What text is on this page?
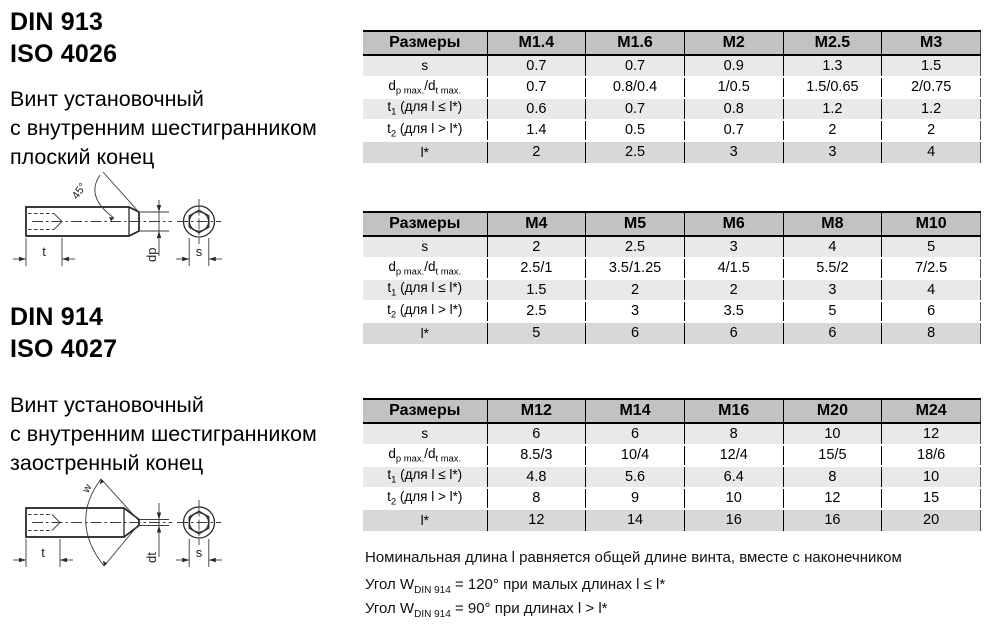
DIN 913
ISO 4026
Винт установочный
с внутренним шестигранником
плоский конец
45°
dp
t	s
DIN 914
ISO 4027
Винт установочный
с внутренним шестигранником
заостренный конец
w
dt
t	s
Размеры	M1.4	M1.6	M2	M2.5	M3
s	0.7	0.7	0.9	1.3	1.5
$d_{p max.}/d_{t max.}$	0.7	0.8/0.4	1/0.5	1.5/0.65	2/0.75
$t_1$ (для l ≤ l*)	0.6	0.7	0.8	1.2	1.2
$t_2$ (для l > l*)	1.4	0.5	0.7	2	2
l*	2	2.5	3	3	4
Размеры	M4	M5	M6	M8	M10
s	2	2.5	3	4	5
$d_{p max.}/d_{t max.}$	2.5/1	3.5/1.25	4/1.5	5.5/2	7/2.5
$t_1$ (для l ≤ l*)	1.5	2	2	3	4
$t_2$ (для l > l*)	2.5	3	3.5	5	6
l*	5	6	6	6	8
Размеры	M12	M14	M16	M20	M24
s	6	6	8	10	12
$d_{p max.}/d_{t max.}$	8.5/3	10/4	12/4	15/5	18/6
$t_1$ (для l ≤ l*)	4.8	5.6	6.4	8	10
$t_2$ (для l > l*)	8	9	10	12	15
l*	12	14	16	16	20
Номинальная длина l равняется общей длине винта, вместе с наконечником
Угол $W_{DIN 914} = 120^\circ$ при малых длинах l ≤ l*
Угол $W_{DIN 914} = 90^\circ$ при длинах l > l*
